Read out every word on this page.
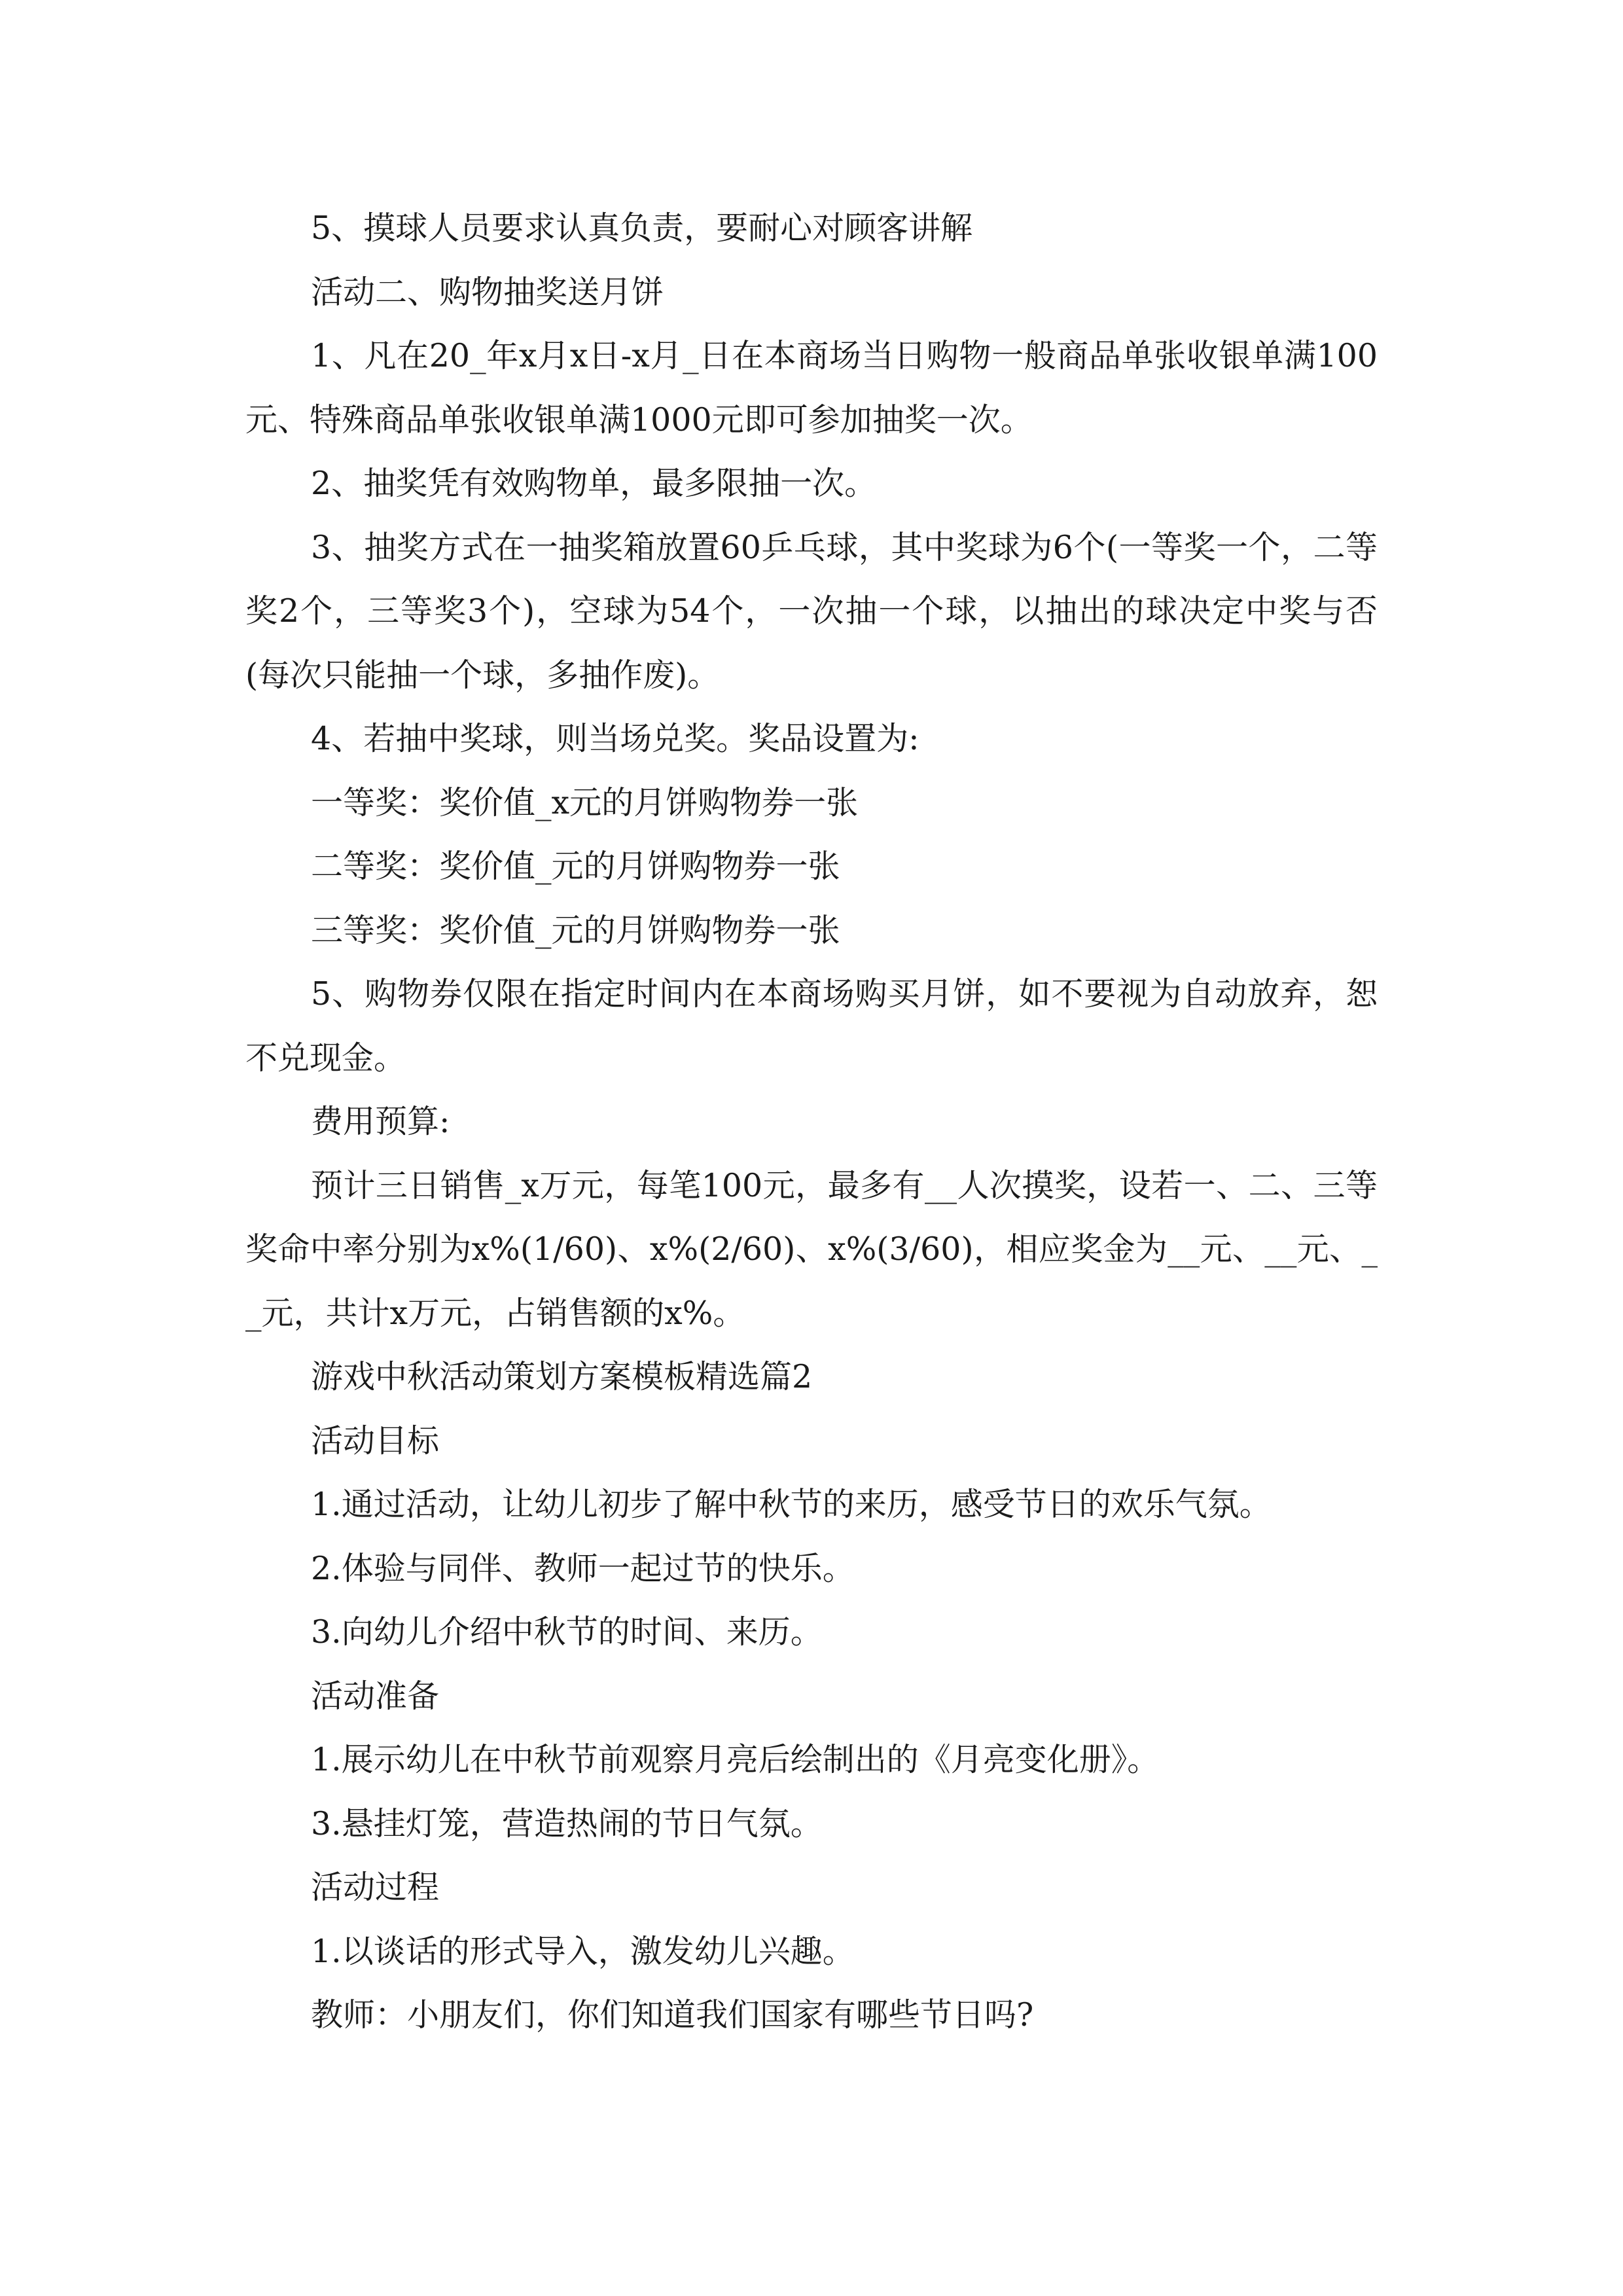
5、摸球人员要求认真负责，要耐心对顾客讲解

活动二、购物抽奖送月饼

1、凡在20_年x月x日-x月_日在本商场当日购物一般商品单张收银单满100元、特殊商品单张收银单满1000元即可参加抽奖一次。

2、抽奖凭有效购物单，最多限抽一次。

3、抽奖方式在一抽奖箱放置60乒乓球，其中奖球为6个(一等奖一个，二等奖2个，三等奖3个)，空球为54个，一次抽一个球，以抽出的球决定中奖与否(每次只能抽一个球，多抽作废)。

4、若抽中奖球，则当场兑奖。奖品设置为:

一等奖：奖价值_x元的月饼购物券一张

二等奖：奖价值_元的月饼购物券一张

三等奖：奖价值_元的月饼购物券一张

5、购物券仅限在指定时间内在本商场购买月饼，如不要视为自动放弃，恕不兑现金。

费用预算:

预计三日销售_x万元，每笔100元，最多有__人次摸奖，设若一、二、三等奖命中率分别为x%(1/60)、x%(2/60)、x%(3/60)，相应奖金为__元、__元、__元，共计x万元，占销售额的x%。

游戏中秋活动策划方案模板精选篇2

活动目标

1.通过活动，让幼儿初步了解中秋节的来历，感受节日的欢乐气氛。

2.体验与同伴、教师一起过节的快乐。

3.向幼儿介绍中秋节的时间、来历。

活动准备

1.展示幼儿在中秋节前观察月亮后绘制出的《月亮变化册》。

3.悬挂灯笼，营造热闹的节日气氛。

活动过程

1.以谈话的形式导入，激发幼儿兴趣。

教师：小朋友们，你们知道我们国家有哪些节日吗?
